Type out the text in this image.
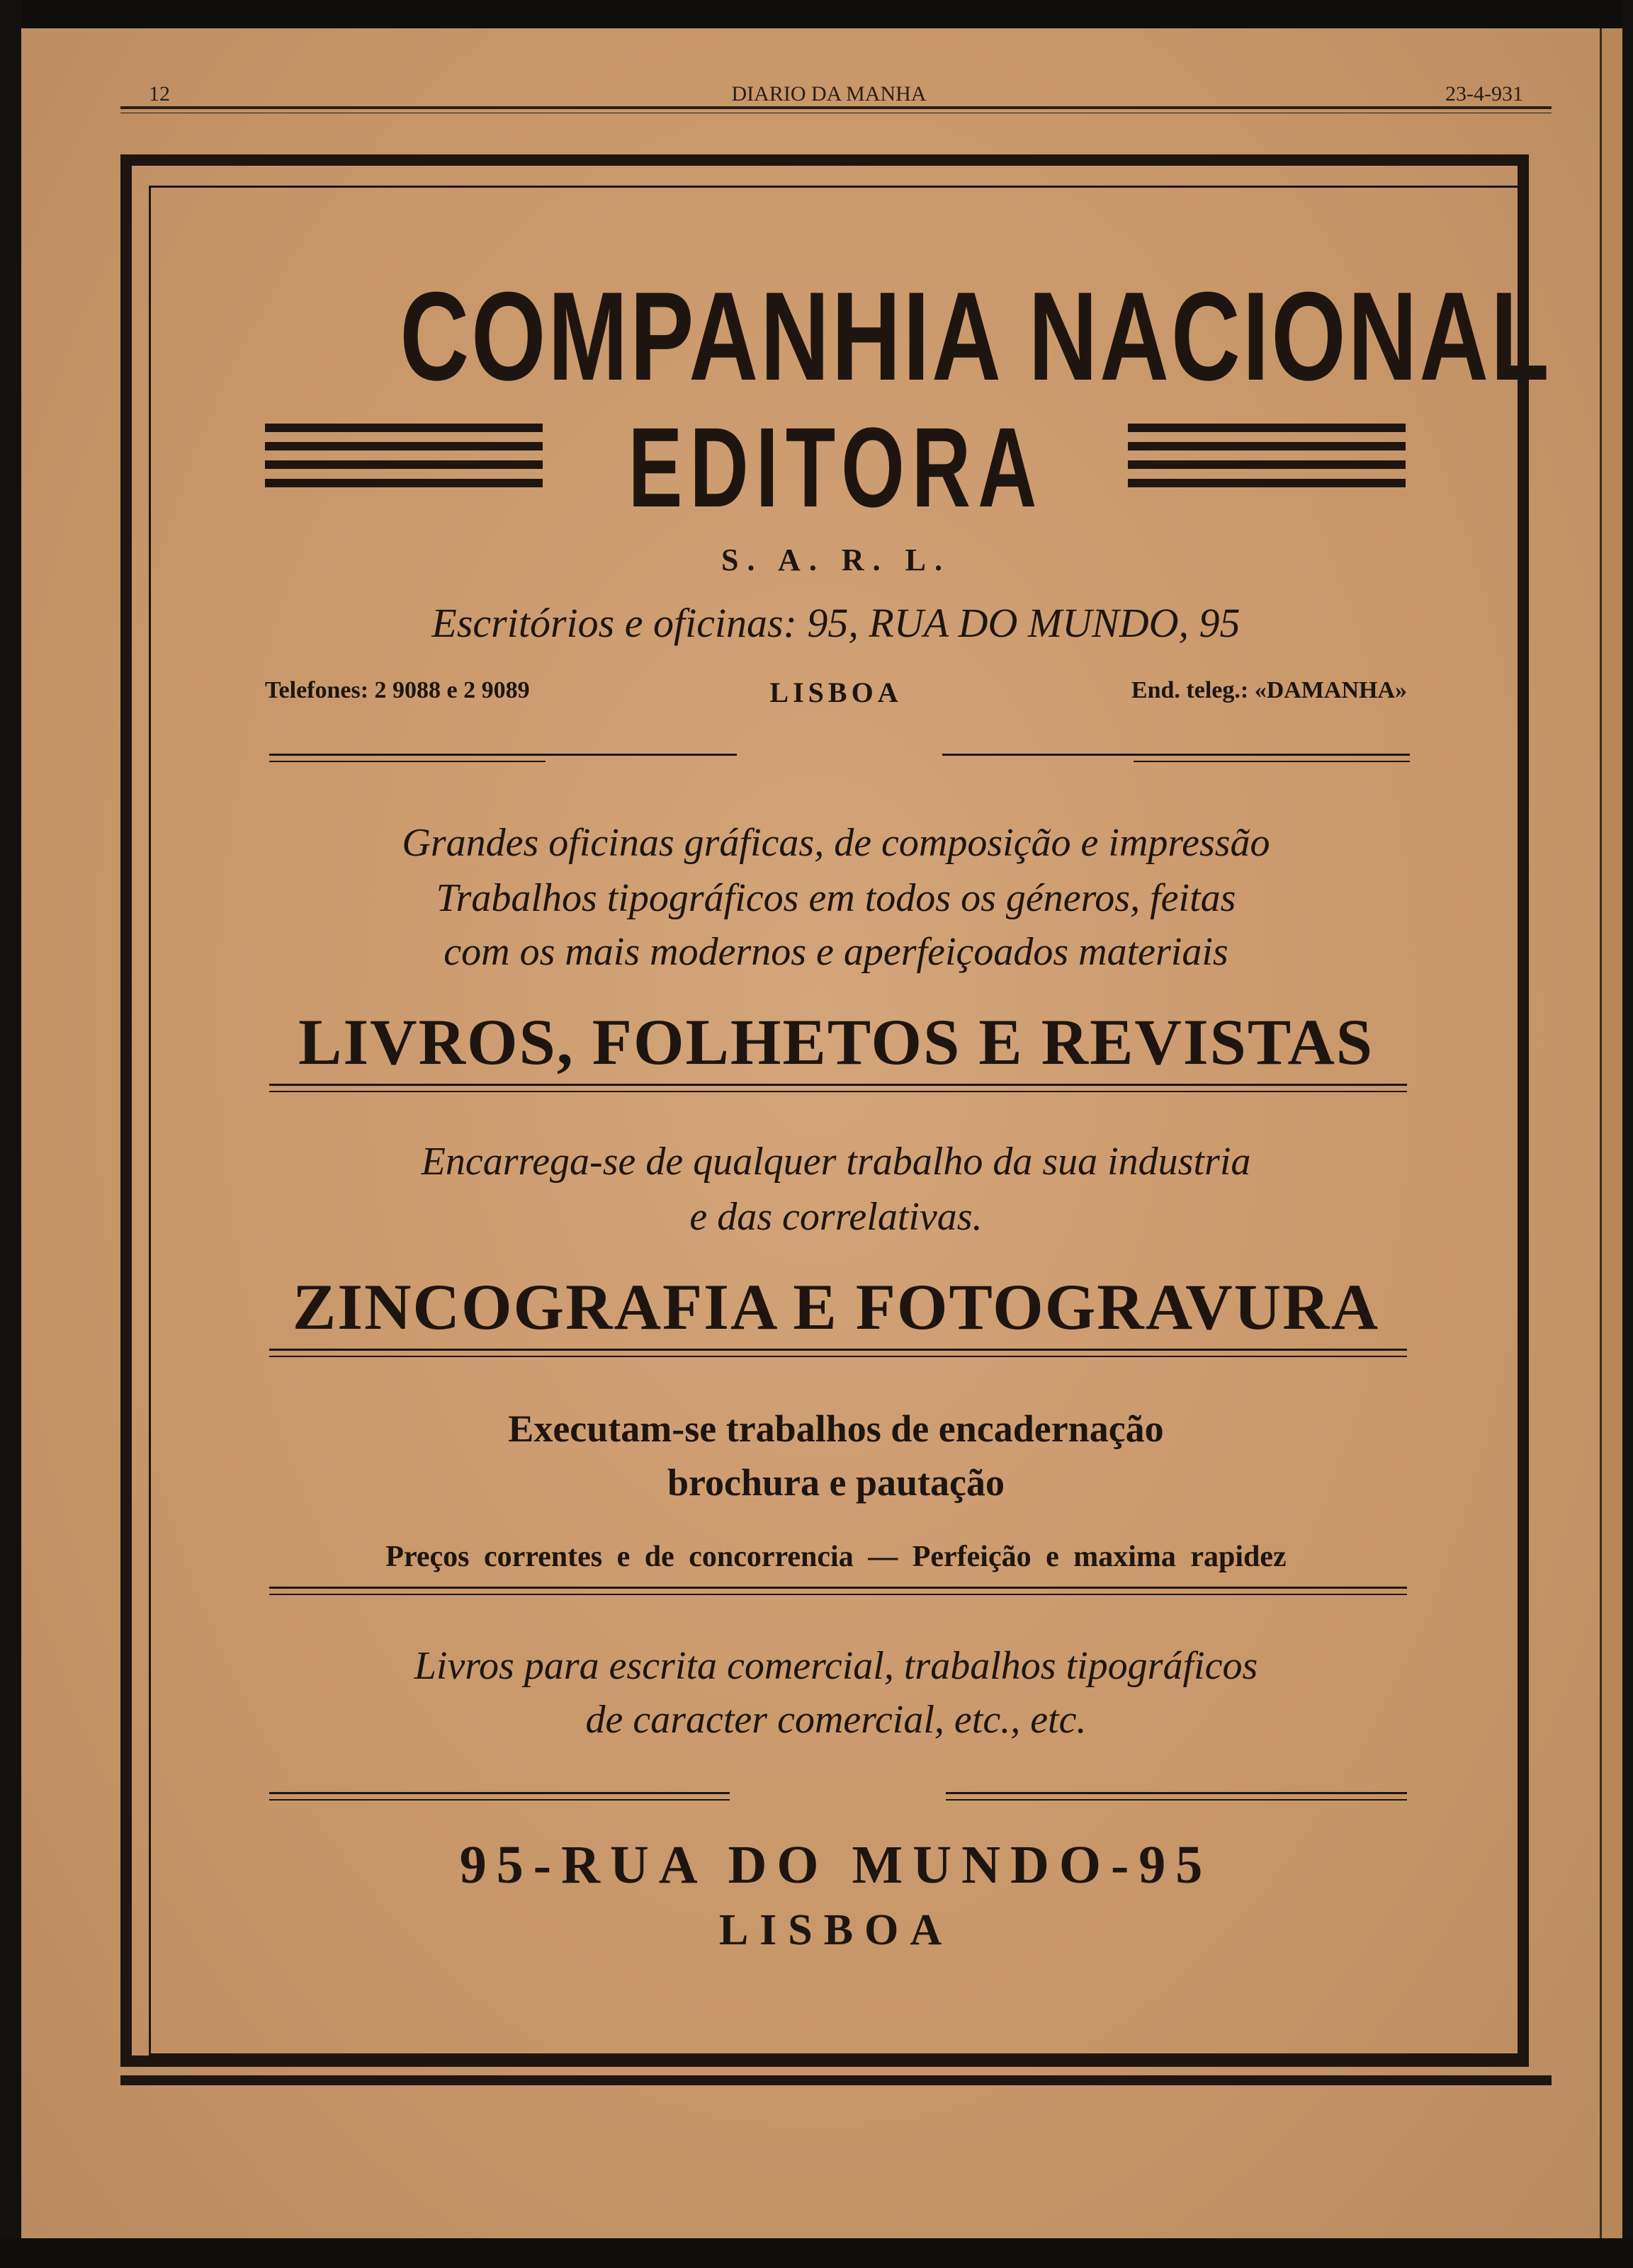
12	DIARIO DA MANHA	23-4-931
COMPANHIA NACIONAL
EDITORA
S. A. R. L.
Escritórios e oficinas: 95, RUA DO MUNDO, 95
Telefones: 2 9088 e 2 9089	LISBOA	End. teleg.: «DAMANHA»
Grandes oficinas gráficas, de composição e impressão
Trabalhos tipográficos em todos os géneros, feitas
com os mais modernos e aperfeiçoados materiais
LIVROS, FOLHETOS E REVISTAS
Encarrega-se de qualquer trabalho da sua industria
e das correlativas.
ZINCOGRAFIA E FOTOGRAVURA
Executam-se trabalhos de encadernação
brochura e pautação
Preços correntes e de concorrencia — Perfeição e maxima rapidez
Livros para escrita comercial, trabalhos tipográficos
de caracter comercial, etc., etc.
95-RUA DO MUNDO-95
LISBOA
